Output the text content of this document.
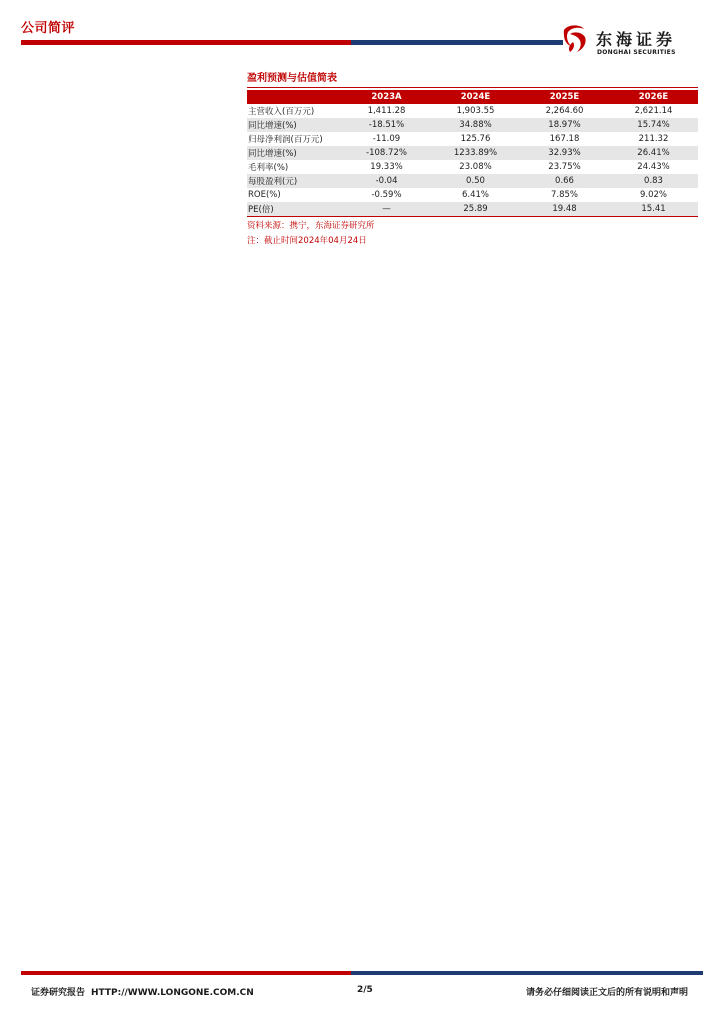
公司简评
东海证券
DONGHAI SECURITIES
盈利预测与估值简表
	2023A	2024E	2025E	2026E
主营收入(百万元)	1,411.28	1,903.55	2,264.60	2,621.14
同比增速(%)	-18.51%	34.88%	18.97%	15.74%
归母净利润(百万元)	-11.09	125.76	167.18	211.32
同比增速(%)	-108.72%	1233.89%	32.93%	26.41%
毛利率(%)	19.33%	23.08%	23.75%	24.43%
每股盈利(元)	-0.04	0.50	0.66	0.83
ROE(%)	-0.59%	6.41%	7.85%	9.02%
PE(倍)	—	25.89	19.48	15.41
资料来源：携宁，东海证券研究所
注：截止时间2024年04月24日
证券研究报告 HTTP://WWW.LONGONE.COM.CN	2/5	请务必仔细阅读正文后的所有说明和声明
